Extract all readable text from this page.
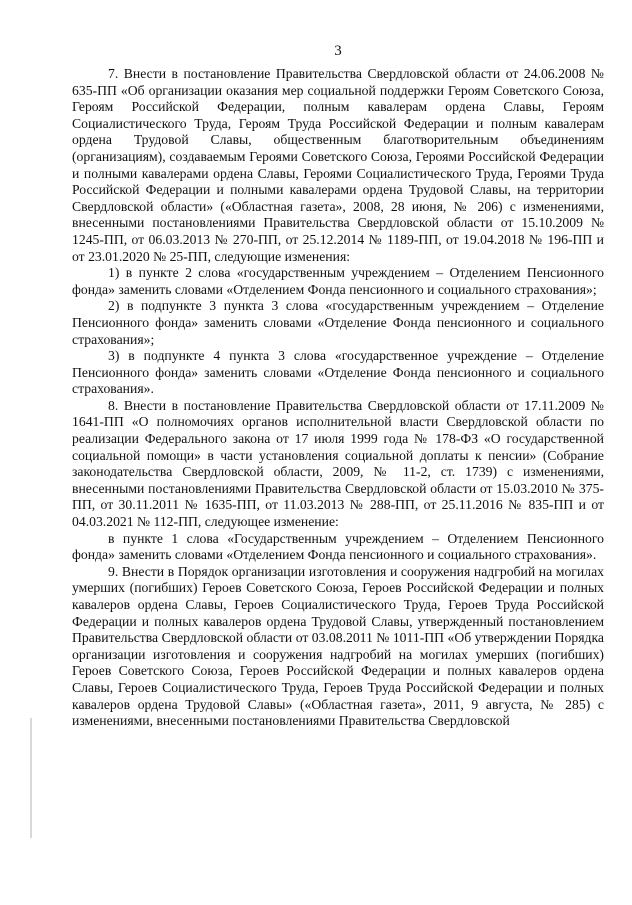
3

7. Внести в постановление Правительства Свердловской области от 24.06.2008 № 635-ПП «Об организации оказания мер социальной поддержки Героям Советского Союза, Героям Российской Федерации, полным кавалерам ордена Славы, Героям Социалистического Труда, Героям Труда Российской Федерации и полным кавалерам ордена Трудовой Славы, общественным благотворительным объединениям (организациям), создаваемым Героями Советского Союза, Героями Российской Федерации и полными кавалерами ордена Славы, Героями Социалистического Труда, Героями Труда Российской Федерации и полными кавалерами ордена Трудовой Славы, на территории Свердловской области» («Областная газета», 2008, 28 июня, № 206) с изменениями, внесенными постановлениями Правительства Свердловской области от 15.10.2009 № 1245-ПП, от 06.03.2013 № 270-ПП, от 25.12.2014 № 1189-ПП, от 19.04.2018 № 196-ПП и от 23.01.2020 № 25-ПП, следующие изменения:

1) в пункте 2 слова «государственным учреждением – Отделением Пенсионного фонда» заменить словами «Отделением Фонда пенсионного и социального страхования»;

2) в подпункте 3 пункта 3 слова «государственным учреждением – Отделение Пенсионного фонда» заменить словами «Отделение Фонда пенсионного и социального страхования»;

3) в подпункте 4 пункта 3 слова «государственное учреждение – Отделение Пенсионного фонда» заменить словами «Отделение Фонда пенсионного и социального страхования».

8. Внести в постановление Правительства Свердловской области от 17.11.2009 № 1641-ПП «О полномочиях органов исполнительной власти Свердловской области по реализации Федерального закона от 17 июля 1999 года № 178-ФЗ «О государственной социальной помощи» в части установления социальной доплаты к пенсии» (Собрание законодательства Свердловской области, 2009, № 11-2, ст. 1739) с изменениями, внесенными постановлениями Правительства Свердловской области от 15.03.2010 № 375-ПП, от 30.11.2011 № 1635-ПП, от 11.03.2013 № 288-ПП, от 25.11.2016 № 835-ПП и от 04.03.2021 № 112-ПП, следующее изменение:

в пункте 1 слова «Государственным учреждением – Отделением Пенсионного фонда» заменить словами «Отделением Фонда пенсионного и социального страхования».

9. Внести в Порядок организации изготовления и сооружения надгробий на могилах умерших (погибших) Героев Советского Союза, Героев Российской Федерации и полных кавалеров ордена Славы, Героев Социалистического Труда, Героев Труда Российской Федерации и полных кавалеров ордена Трудовой Славы, утвержденный постановлением Правительства Свердловской области от 03.08.2011 № 1011-ПП «Об утверждении Порядка организации изготовления и сооружения надгробий на могилах умерших (погибших) Героев Советского Союза, Героев Российской Федерации и полных кавалеров ордена Славы, Героев Социалистического Труда, Героев Труда Российской Федерации и полных кавалеров ордена Трудовой Славы» («Областная газета», 2011, 9 августа, № 285) с изменениями, внесенными постановлениями Правительства Свердловской
